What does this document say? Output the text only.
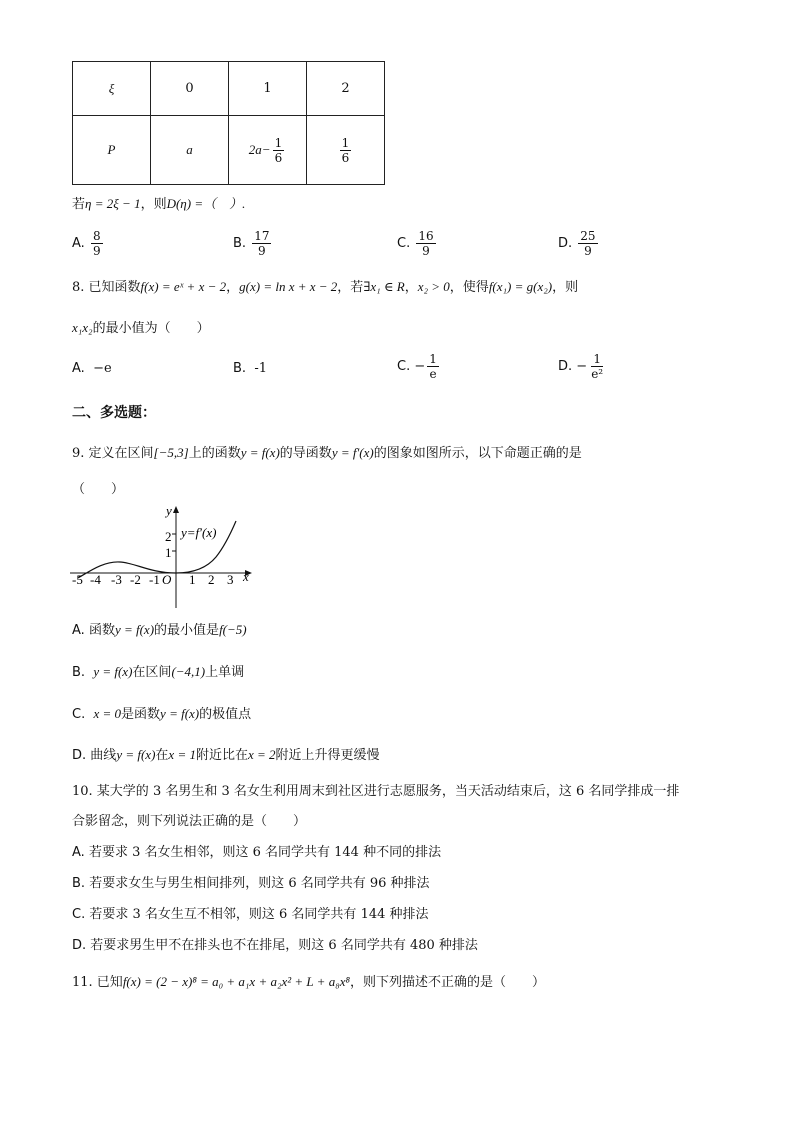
ξ	0	1	2
P	a	$2a- \frac{1}{6}$	$\frac{1}{6}$
若η = 2ξ − 1，则D(η) =（　）.
A. $\frac{8}{9}$	B. $\frac{17}{9}$	C. $\frac{16}{9}$	D. $\frac{25}{9}$
8. 已知函数f(x) = eˣ + x − 2，g(x) = ln x + x − 2，若∃x₁ ∈ R，x₂ > 0，使得f(x₁) = g(x₂)，则
x₁x₂的最小值为（　　）
A. −e	B. -1	C. − $\frac{1}{e}$	D. − $\frac{1}{\text{e²}}$
二、多选题：
9. 定义在区间[−5,3]上的函数y = f(x)的导函数y = f′(x)的图象如图所示，以下命题正确的是
（　　）
y
x
y=f′(x)
2
1
O
-5 -4 -3 -2 -1 1 2 3
A. 函数y = f(x)的最小值是f(−5)
B. y = f(x)在区间(−4,1)上单调
C. x = 0是函数y = f(x)的极值点
D. 曲线y = f(x)在x = 1附近比在x = 2附近上升得更缓慢
10. 某大学的 3 名男生和 3 名女生利用周末到社区进行志愿服务，当天活动结束后，这 6 名同学排成一排
合影留念，则下列说法正确的是（　　）
A. 若要求 3 名女生相邻，则这 6 名同学共有 144 种不同的排法
B. 若要求女生与男生相间排列，则这 6 名同学共有 96 种排法
C. 若要求 3 名女生互不相邻，则这 6 名同学共有 144 种排法
D. 若要求男生甲不在排头也不在排尾，则这 6 名同学共有 480 种排法
11. 已知f(x) = (2 − x)⁸ = a₀ + a₁x + a₂x² + L + a₈x⁸，则下列描述不正确的是（　　）
